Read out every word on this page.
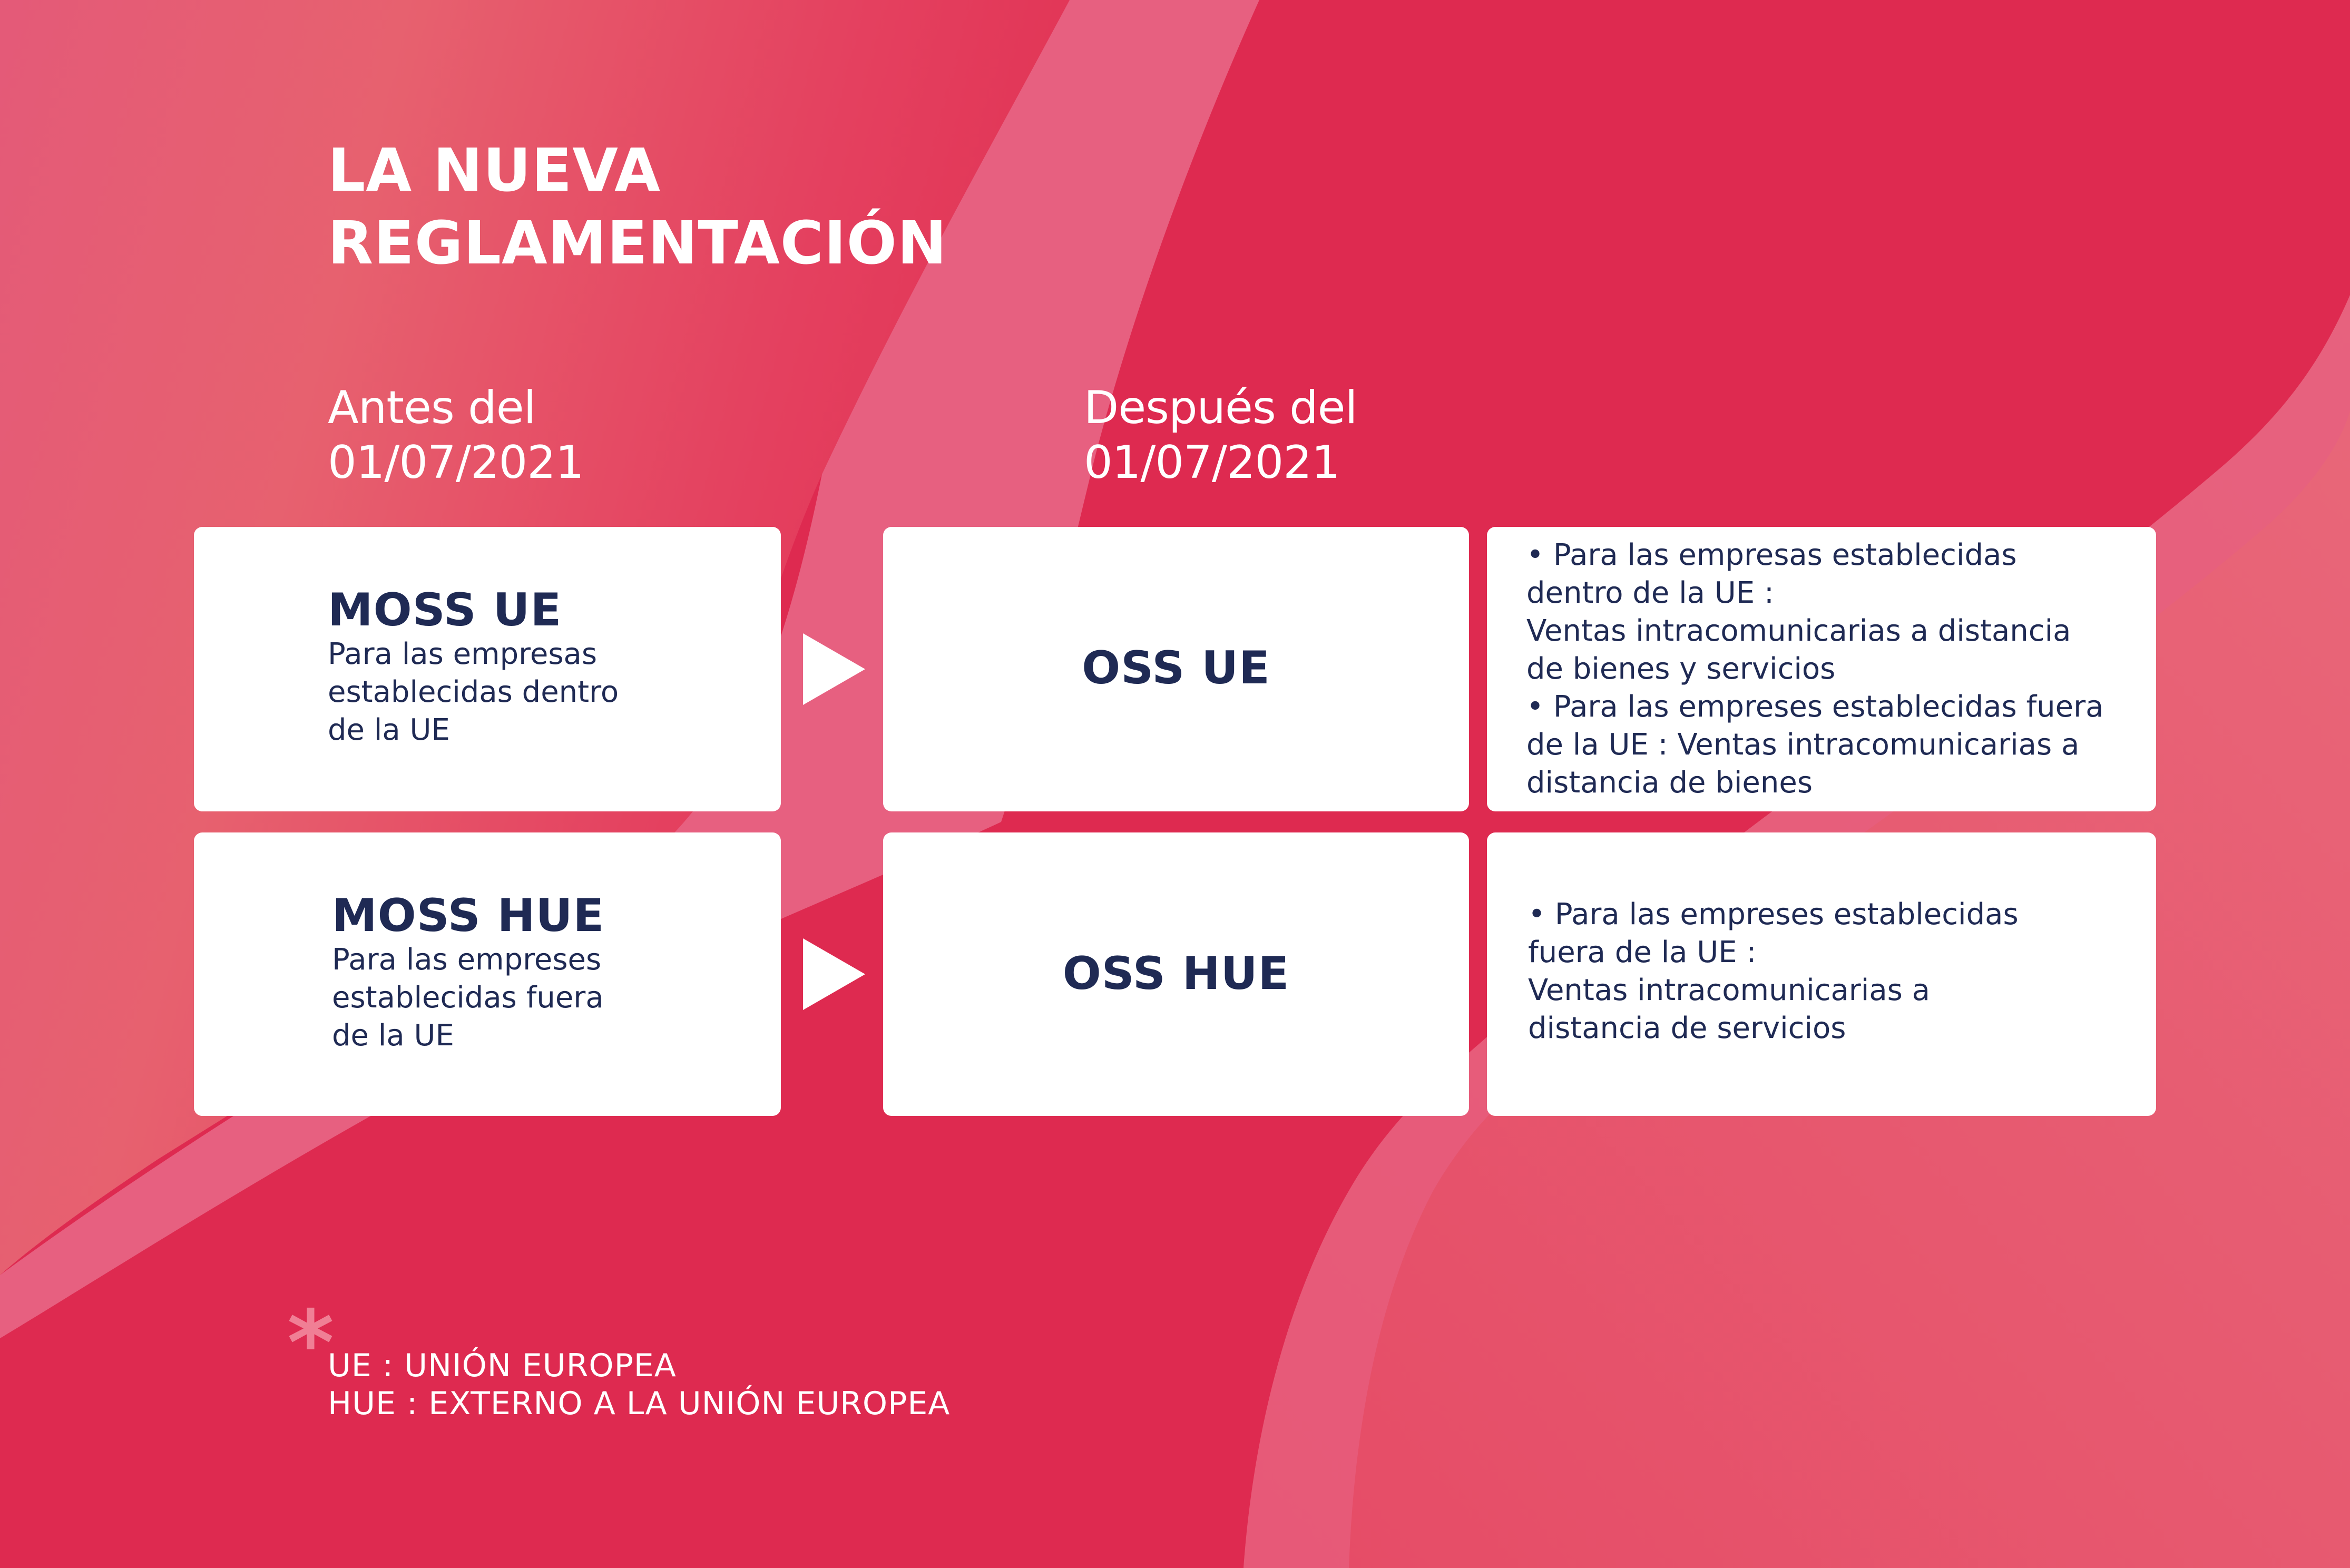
LA NUEVA
REGLAMENTACIÓN
Antes del
01/07/2021
Después del
01/07/2021
MOSS UE
Para las empresas
establecidas dentro
de la UE
OSS UE
• Para las empresas establecidas
dentro de la UE :
Ventas intracomunicarias a distancia
de bienes y servicios
• Para las empreses establecidas fuera
de la UE : Ventas intracomunicarias a
distancia de bienes
MOSS HUE
Para las empreses
establecidas fuera
de la UE
OSS HUE
• Para las empreses establecidas
fuera de la UE :
Ventas intracomunicarias a
distancia de servicios
*
UE : UNIÓN EUROPEA
HUE : EXTERNO A LA UNIÓN EUROPEA
